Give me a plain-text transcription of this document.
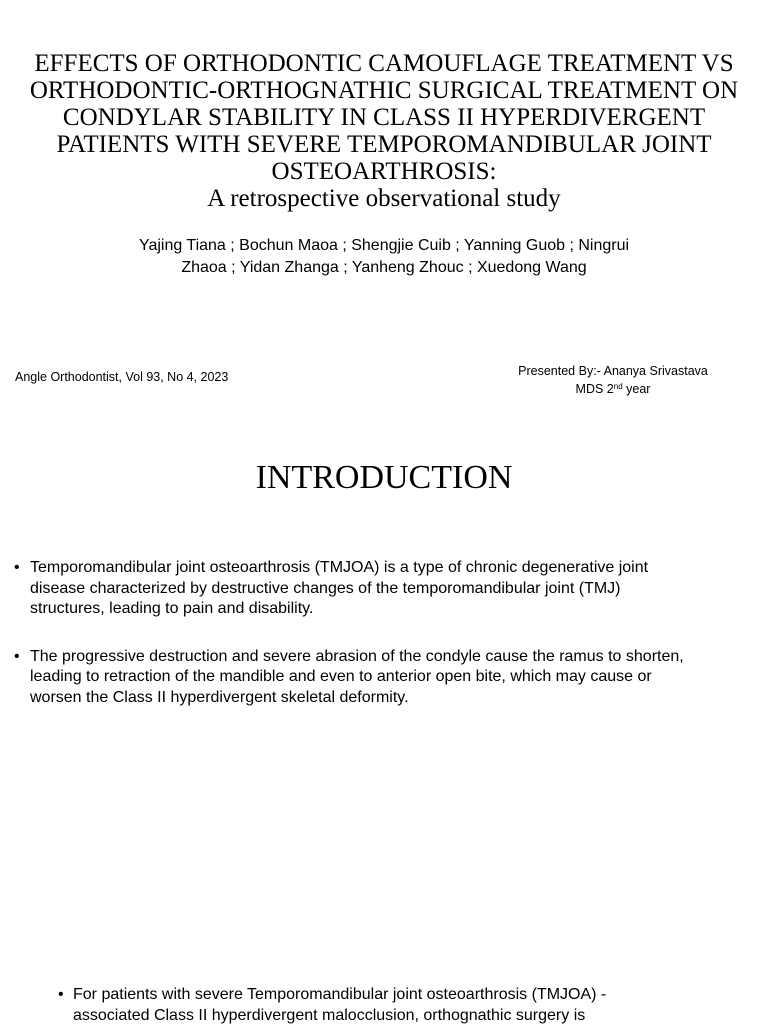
EFFECTS OF ORTHODONTIC CAMOUFLAGE TREATMENT VS
ORTHODONTIC-ORTHOGNATHIC SURGICAL TREATMENT ON
CONDYLAR STABILITY IN CLASS II HYPERDIVERGENT
PATIENTS WITH SEVERE TEMPOROMANDIBULAR JOINT
OSTEOARTHROSIS:
A retrospective observational study
Yajing Tiana ; Bochun Maoa ; Shengjie Cuib ; Yanning Guob ; Ningrui
Zhaoa ; Yidan Zhanga ; Yanheng Zhouc ; Xuedong Wang
Angle Orthodontist, Vol 93, No 4, 2023	Presented By:- Ananya Srivastava
MDS 2nd year
INTRODUCTION
• Temporomandibular joint osteoarthrosis (TMJOA) is a type of chronic degenerative joint
disease characterized by destructive changes of the temporomandibular joint (TMJ)
structures, leading to pain and disability.
• The progressive destruction and severe abrasion of the condyle cause the ramus to shorten,
leading to retraction of the mandible and even to anterior open bite, which may cause or
worsen the Class II hyperdivergent skeletal deformity.
• For patients with severe Temporomandibular joint osteoarthrosis (TMJOA) -
associated Class II hyperdivergent malocclusion, orthognathic surgery is
